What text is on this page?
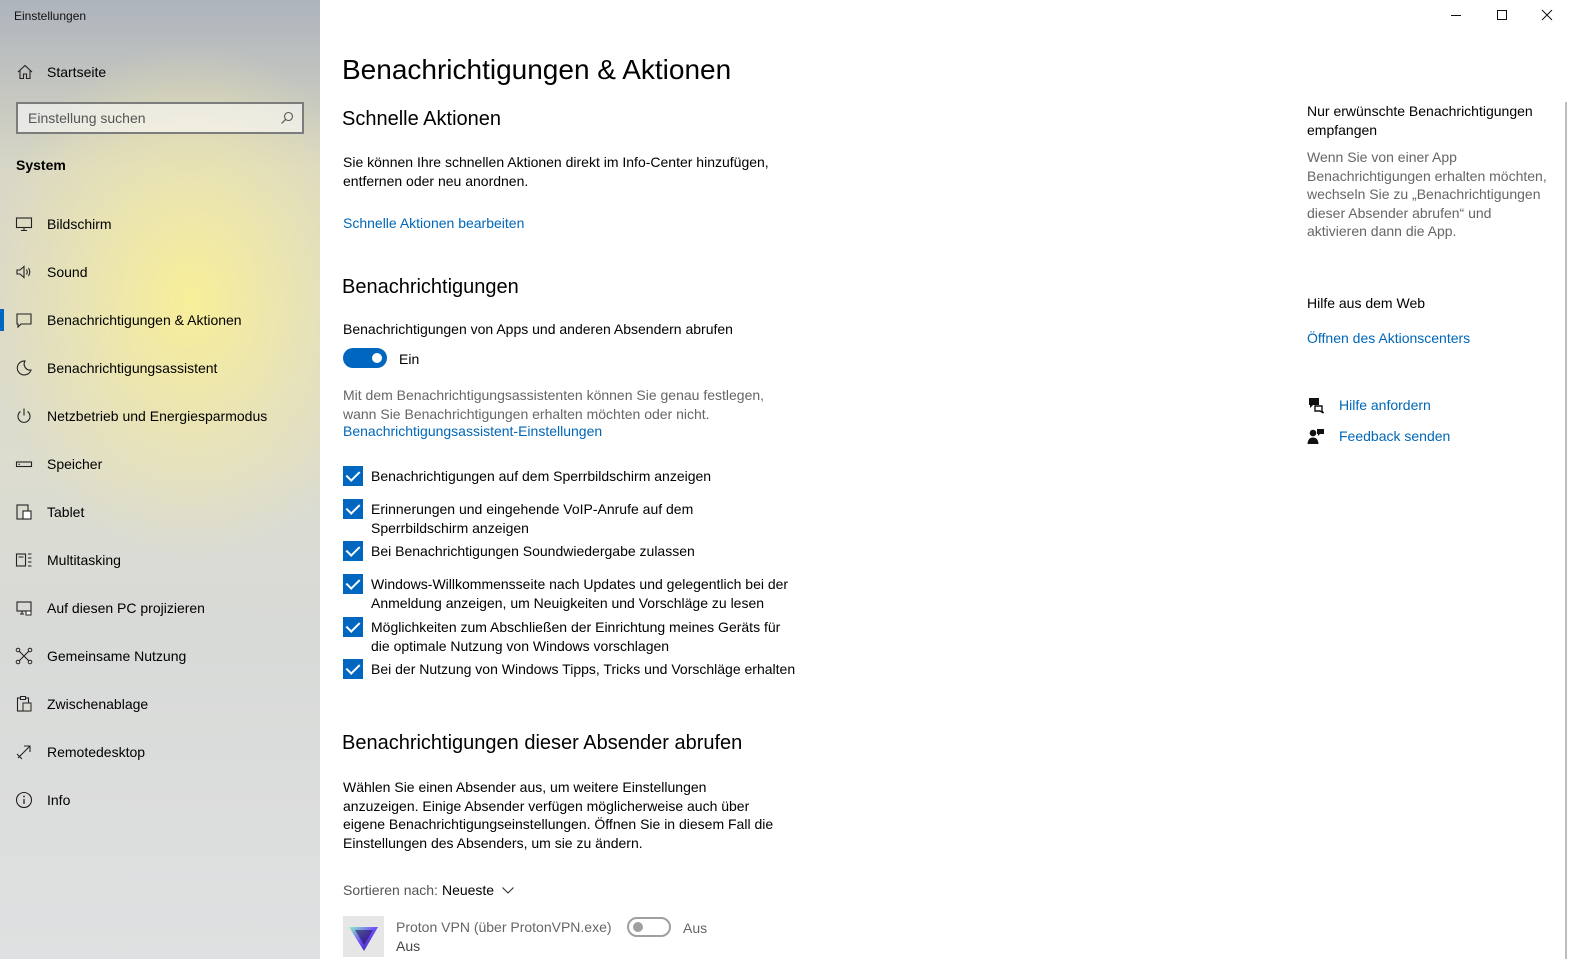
Einstellungen
Startseite
Einstellung suchen
System
Bildschirm
Sound
Benachrichtigungen & Aktionen
Benachrichtigungsassistent
Netzbetrieb und Energiesparmodus
Speicher
Tablet
Multitasking
Auf diesen PC projizieren
Gemeinsame Nutzung
Zwischenablage
Remotedesktop
Info
Benachrichtigungen & Aktionen
Schnelle Aktionen
Sie können Ihre schnellen Aktionen direkt im Info-Center hinzufügen, entfernen oder neu anordnen.
Schnelle Aktionen bearbeiten
Benachrichtigungen
Benachrichtigungen von Apps und anderen Absendern abrufen
Ein
Mit dem Benachrichtigungsassistenten können Sie genau festlegen, wann Sie Benachrichtigungen erhalten möchten oder nicht.
Benachrichtigungsassistent-Einstellungen
Benachrichtigungen auf dem Sperrbildschirm anzeigen
Erinnerungen und eingehende VoIP-Anrufe auf dem Sperrbildschirm anzeigen
Bei Benachrichtigungen Soundwiedergabe zulassen
Windows-Willkommensseite nach Updates und gelegentlich bei der Anmeldung anzeigen, um Neuigkeiten und Vorschläge zu lesen
Möglichkeiten zum Abschließen der Einrichtung meines Geräts für die optimale Nutzung von Windows vorschlagen
Bei der Nutzung von Windows Tipps, Tricks und Vorschläge erhalten
Benachrichtigungen dieser Absender abrufen
Wählen Sie einen Absender aus, um weitere Einstellungen anzuzeigen. Einige Absender verfügen möglicherweise auch über eigene Benachrichtigungseinstellungen. Öffnen Sie in diesem Fall die Einstellungen des Absenders, um sie zu ändern.
Sortieren nach: Neueste
Proton VPN (über ProtonVPN.exe)
Aus
Aus
Nur erwünschte Benachrichtigungen empfangen
Wenn Sie von einer App Benachrichtigungen erhalten möchten, wechseln Sie zu „Benachrichtigungen dieser Absender abrufen“ und aktivieren dann die App.
Hilfe aus dem Web
Öffnen des Aktionscenters
Hilfe anfordern
Feedback senden
